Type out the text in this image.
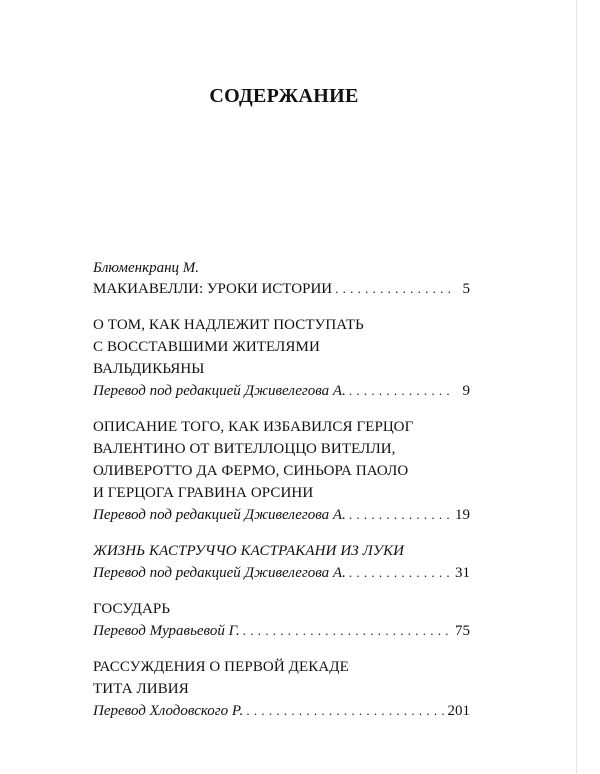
СОДЕРЖАНИЕ
Блюменкранц М.
МАКИАВЕЛЛИ: УРОКИ ИСТОРИИ . . .	5
О ТОМ, КАК НАДЛЕЖИТ ПОСТУПАТЬ
С ВОССТАВШИМИ ЖИТЕЛЯМИ
ВАЛЬДИКЬЯНЫ
Перевод под редакцией Дживелегова А. . . .	9
ОПИСАНИЕ ТОГО, КАК ИЗБАВИЛСЯ ГЕРЦОГ
ВАЛЕНТИНО ОТ ВИТЕЛЛОЦЦО ВИТЕЛЛИ,
ОЛИВЕРОТТО ДА ФЕРМО, СИНЬОРА ПАОЛО
И ГЕРЦОГА ГРАВИНА ОРСИНИ
Перевод под редакцией Дживелегова А. . . .	19
ЖИЗНЬ КАСТРУЧЧО КАСТРАКАНИ ИЗ ЛУКИ
Перевод под редакцией Дживелегова А. . . .	31
ГОСУДАРЬ
Перевод Муравьевой Г. . . .	75
РАССУЖДЕНИЯ О ПЕРВОЙ ДЕКАДЕ
ТИТА ЛИВИЯ
Перевод Хлодовского Р. . . .	201
